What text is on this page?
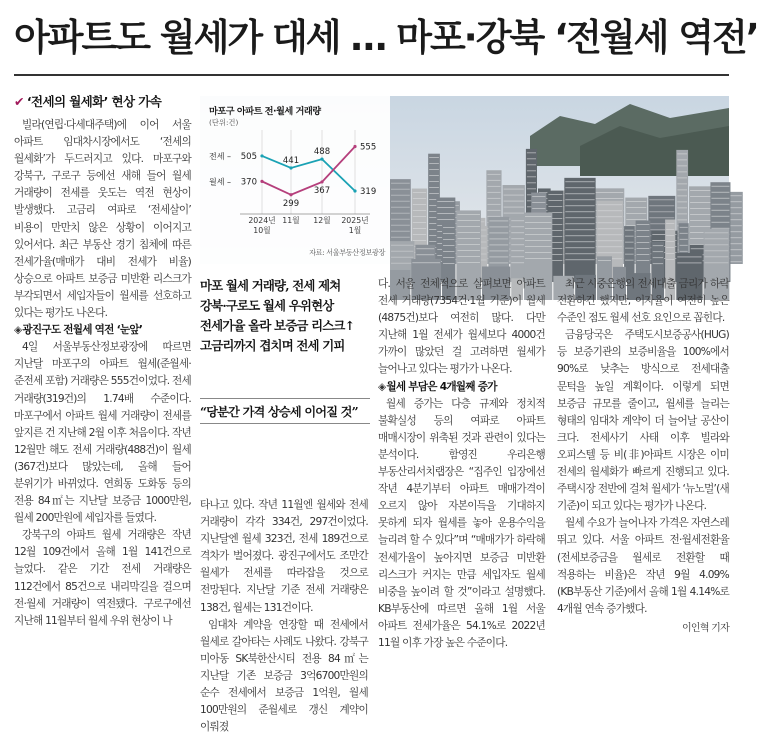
아파트도 월세가 대세 … 마포·강북 ‘전월세 역전’
✔ ‘전세의 월세화’ 현상 가속

빌라(연립·다세대주택)에 이어 서울 아파트 임대차시장에서도 ‘전세의 월세화’가 두드러지고 있다. 마포구와 강북구, 구로구 등에선 새해 들어 월세 거래량이 전세를 웃도는 역전 현상이 발생했다. 고금리 여파로 ‘전세살이’ 비용이 만만치 않은 상황이 이어지고 있어서다. 최근 부동산 경기 침체에 따른 전세가율(매매가 대비 전세가 비율) 상승으로 아파트 보증금 미반환 리스크가 부각되면서 세입자들이 월세를 선호하고 있다는 평가도 나온다.

◈ 광진구도 전월세 역전 ‘눈앞’

4일 서울부동산정보광장에 따르면 지난달 마포구의 아파트 월세(준월세·준전세 포함) 거래량은 555건이었다. 전세 거래량(319건)의 1.74배 수준이다. 마포구에서 아파트 월세 거래량이 전세를 앞지른 건 지난해 2월 이후 처음이다. 작년 12월만 해도 전세 거래량(488건)이 월세(367건)보다 많았는데, 올해 들어 분위기가 바뀌었다. 연희동 도화동 등의 전용 84㎡는 지난달 보증금 1000만원, 월세 200만원에 세입자를 들였다.

강북구의 아파트 월세 거래량은 작년 12월 109건에서 올해 1월 141건으로 늘었다. 같은 기간 전세 거래량은 112건에서 85건으로 내리막길을 걸으며 전·월세 거래량이 역전됐다. 구로구에선 지난해 11월부터 월세 우위 현상이 나

마포구 아파트 전·월세 거래량
(단위:건)
전세 – 505	441
488
319
월세 – 370
299
367
555
2024년
10월
11월 12월 2025년
1월
자료: 서울부동산정보광장
마포 월세 거래량, 전세 제쳐
강북·구로도 월세 우위현상
전세가율 올라 보증금 리스크↑
고금리까지 겹치며 전세 기피
“당분간 가격 상승세 이어질 것”

타나고 있다. 작년 11월엔 월세와 전세 거래량이 각각 334건, 297건이었다. 지난달엔 월세 323건, 전세 189건으로 격차가 벌어졌다. 광진구에서도 조만간 월세가 전세를 따라잡을 것으로 전망된다. 지난달 기준 전세 거래량은 138건, 월세는 131건이다.

임대차 계약을 연장할 때 전세에서 월세로 갈아타는 사례도 나왔다. 강북구 미아동 SK북한산시티 전용 84㎡는 지난달 기존 보증금 3억6700만원의 순수 전세에서 보증금 1억원, 월세 100만원의 준월세로 갱신 계약이 이뤄졌

다. 서울 전체적으로 살펴보면 아파트 전세 거래량(7354건·1월 기준)이 월세(4875건)보다 여전히 많다. 다만 지난해 1월 전세가 월세보다 4000건 가까이 많았던 걸 고려하면 월세가 늘어나고 있다는 평가가 나온다.

◈ 월세 부담은 4개월째 증가

월세 증가는 다층 규제와 정치적 불확실성 등의 여파로 아파트 매매시장이 위축된 것과 관련이 있다는 분석이다. 함영진 우리은행 부동산리서치랩장은 “집주인 입장에선 작년 4분기부터 아파트 매매가격이 오르지 않아 자본이득을 기대하지 못하게 되자 월세를 놓아 운용수익을 늘리려 할 수 있다”며 “매매가가 하락해 전세가율이 높아지면 보증금 미반환 리스크가 커지는 만큼 세입자도 월세 비중을 높이려 할 것”이라고 설명했다. KB부동산에 따르면 올해 1월 서울 아파트 전세가율은 54.1%로 2022년 11월 이후 가장 높은 수준이다.

최근 시중은행의 전세대출 금리가 하락 전환하긴 했지만, 이자율이 여전히 높은 수준인 점도 월세 선호 요인으로 꼽힌다.

금융당국은 주택도시보증공사(HUG) 등 보증기관의 보증비율을 100%에서 90%로 낮추는 방식으로 전세대출 문턱을 높일 계획이다. 이렇게 되면 보증금 규모를 줄이고, 월세를 늘리는 형태의 임대차 계약이 더 늘어날 공산이 크다. 전세사기 사태 이후 빌라와 오피스텔 등 비(非)아파트 시장은 이미 전세의 월세화가 빠르게 진행되고 있다. 주택시장 전반에 걸쳐 월세가 ‘뉴노멀’(새 기준)이 되고 있다는 평가가 나온다.

월세 수요가 늘어나자 가격은 자연스레 뛰고 있다. 서울 아파트 전·월세전환율(전세보증금을 월세로 전환할 때 적용하는 비율)은 작년 9월 4.09%(KB부동산 기준)에서 올해 1월 4.14%로 4개월 연속 증가했다.

이인혁 기자
